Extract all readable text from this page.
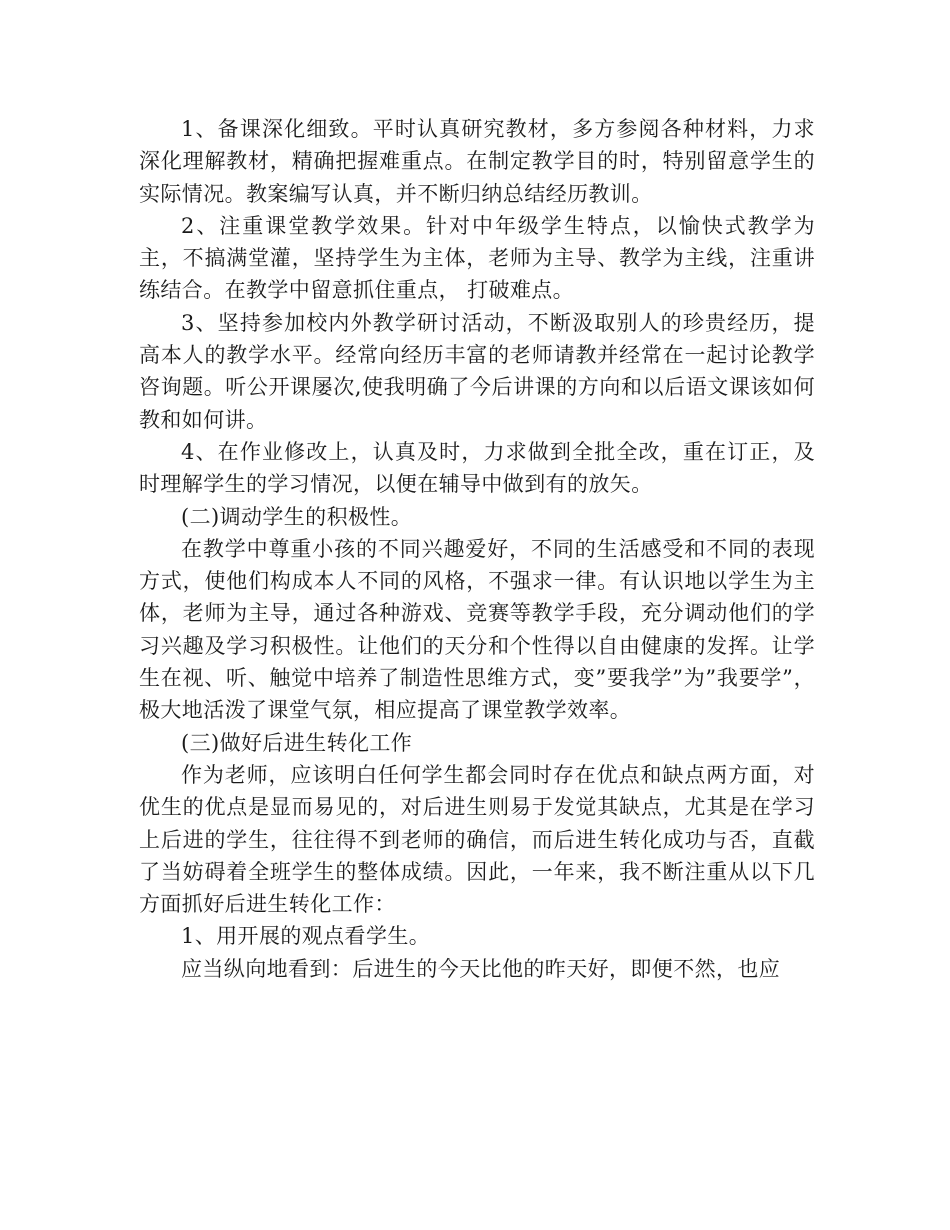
1、备课深化细致。平时认真研究教材，多方参阅各种材料，力求深化理解教材，精确把握难重点。在制定教学目的时，特别留意学生的实际情况。教案编写认真，并不断归纳总结经历教训。

2、注重课堂教学效果。针对中年级学生特点，以愉快式教学为主，不搞满堂灌，坚持学生为主体，老师为主导、教学为主线，注重讲练结合。在教学中留意抓住重点， 打破难点。

3、坚持参加校内外教学研讨活动，不断汲取别人的珍贵经历，提高本人的教学水平。经常向经历丰富的老师请教并经常在一起讨论教学咨询题。听公开课屡次,使我明确了今后讲课的方向和以后语文课该如何教和如何讲。

4、在作业修改上，认真及时，力求做到全批全改，重在订正，及时理解学生的学习情况，以便在辅导中做到有的放矢。

(二)调动学生的积极性。

在教学中尊重小孩的不同兴趣爱好，不同的生活感受和不同的表现方式，使他们构成本人不同的风格，不强求一律。有认识地以学生为主体，老师为主导，通过各种游戏、竞赛等教学手段，充分调动他们的学习兴趣及学习积极性。让他们的天分和个性得以自由健康的发挥。让学生在视、听、触觉中培养了制造性思维方式，变”要我学”为”我要学”，极大地活泼了课堂气氛，相应提高了课堂教学效率。

(三)做好后进生转化工作

作为老师，应该明白任何学生都会同时存在优点和缺点两方面，对优生的优点是显而易见的，对后进生则易于发觉其缺点，尤其是在学习上后进的学生，往往得不到老师的确信，而后进生转化成功与否，直截了当妨碍着全班学生的整体成绩。因此，一年来，我不断注重从以下几方面抓好后进生转化工作：

1、用开展的观点看学生。

应当纵向地看到：后进生的今天比他的昨天好，即便不然，也应
